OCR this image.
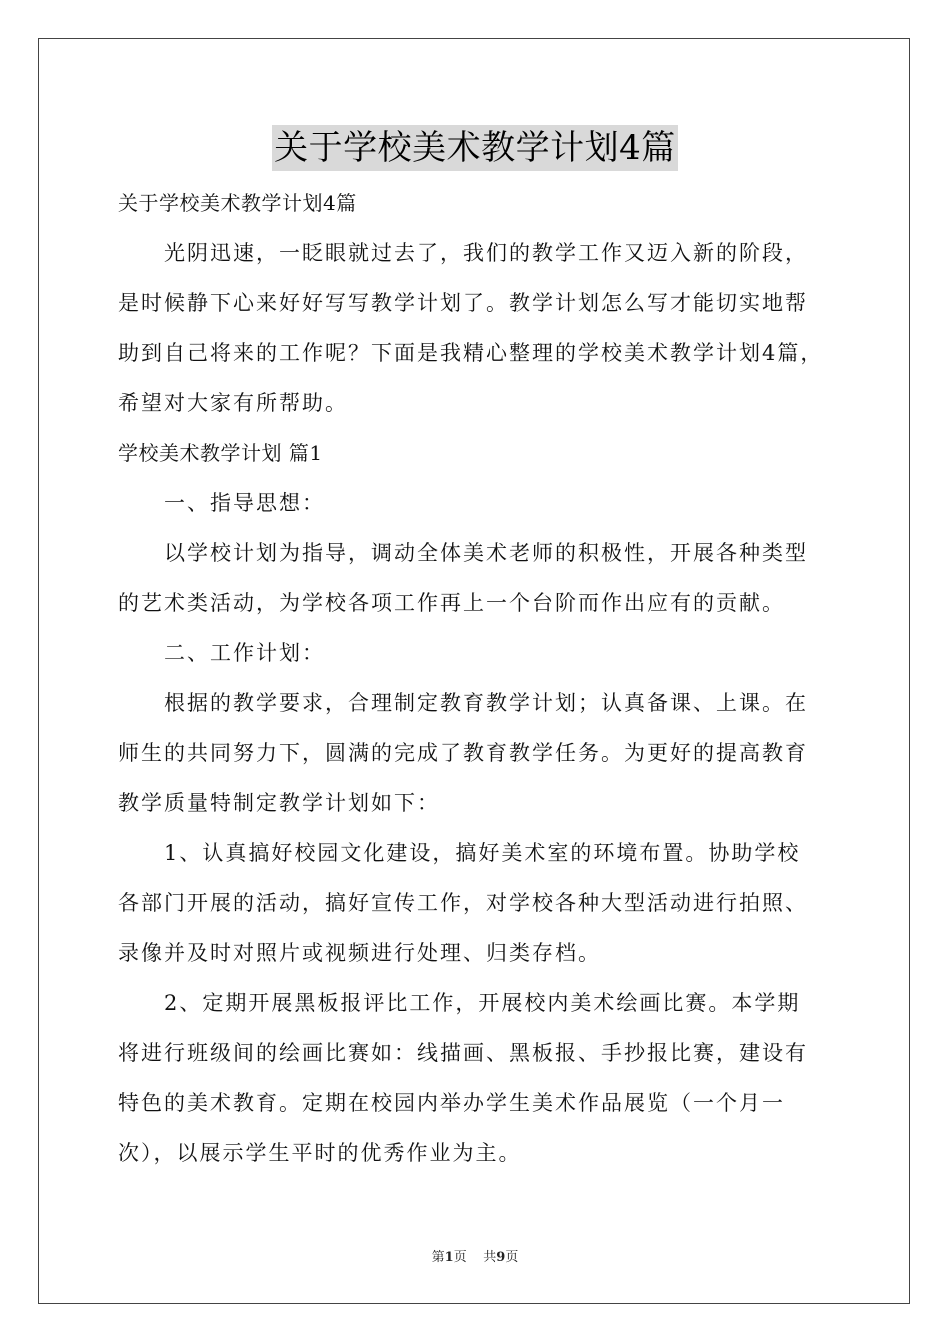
关于学校美术教学计划4篇
关于学校美术教学计划4篇
光阴迅速，一眨眼就过去了，我们的教学工作又迈入新的阶段，
是时候静下心来好好写写教学计划了。教学计划怎么写才能切实地帮
助到自己将来的工作呢？下面是我精心整理的学校美术教学计划4篇，
希望对大家有所帮助。
学校美术教学计划 篇1
一、指导思想：
以学校计划为指导，调动全体美术老师的积极性，开展各种类型
的艺术类活动，为学校各项工作再上一个台阶而作出应有的贡献。
二、工作计划：
根据的教学要求，合理制定教育教学计划；认真备课、上课。在
师生的共同努力下，圆满的完成了教育教学任务。为更好的提高教育
教学质量特制定教学计划如下：
1、认真搞好校园文化建设，搞好美术室的环境布置。协助学校
各部门开展的活动，搞好宣传工作，对学校各种大型活动进行拍照、
录像并及时对照片或视频进行处理、归类存档。
2、定期开展黑板报评比工作，开展校内美术绘画比赛。本学期
将进行班级间的绘画比赛如：线描画、黑板报、手抄报比赛，建设有
特色的美术教育。定期在校园内举办学生美术作品展览（一个月一
次），以展示学生平时的优秀作业为主。
第1页 共9页
